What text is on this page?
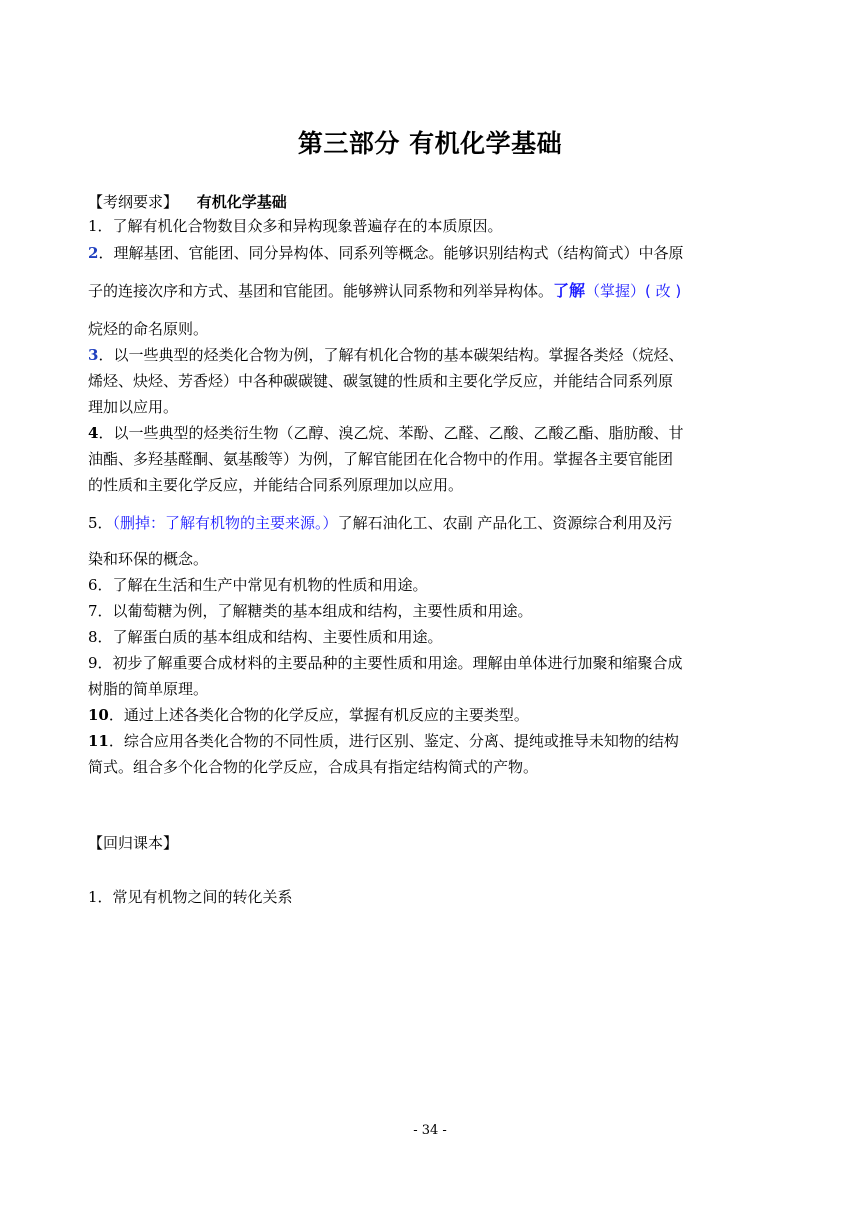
第三部分 有机化学基础
【考纲要求】 有机化学基础
1．了解有机化合物数目众多和异构现象普遍存在的本质原因。
2．理解基团、官能团、同分异构体、同系列等概念。能够识别结构式（结构简式）中各原
子的连接次序和方式、基团和官能团。能够辨认同系物和列举异构体。了解（掌握）( 改 )
烷烃的命名原则。
3．以一些典型的烃类化合物为例，了解有机化合物的基本碳架结构。掌握各类烃（烷烃、
烯烃、炔烃、芳香烃）中各种碳碳键、碳氢键的性质和主要化学反应，并能结合同系列原
理加以应用。
4．以一些典型的烃类衍生物（乙醇、溴乙烷、苯酚、乙醛、乙酸、乙酸乙酯、脂肪酸、甘
油酯、多羟基醛酮、氨基酸等）为例，了解官能团在化合物中的作用。掌握各主要官能团
的性质和主要化学反应，并能结合同系列原理加以应用。
5．（删掉：了解有机物的主要来源。）了解石油化工、农副 产品化工、资源综合利用及污
染和环保的概念。
6．了解在生活和生产中常见有机物的性质和用途。
7．以葡萄糖为例，了解糖类的基本组成和结构，主要性质和用途。
8．了解蛋白质的基本组成和结构、主要性质和用途。
9．初步了解重要合成材料的主要品种的主要性质和用途。理解由单体进行加聚和缩聚合成
树脂的简单原理。
10．通过上述各类化合物的化学反应，掌握有机反应的主要类型。
11．综合应用各类化合物的不同性质，进行区别、鉴定、分离、提纯或推导未知物的结构
简式。组合多个化合物的化学反应，合成具有指定结构简式的产物。
【回归课本】
1．常见有机物之间的转化关系
- 34 -
